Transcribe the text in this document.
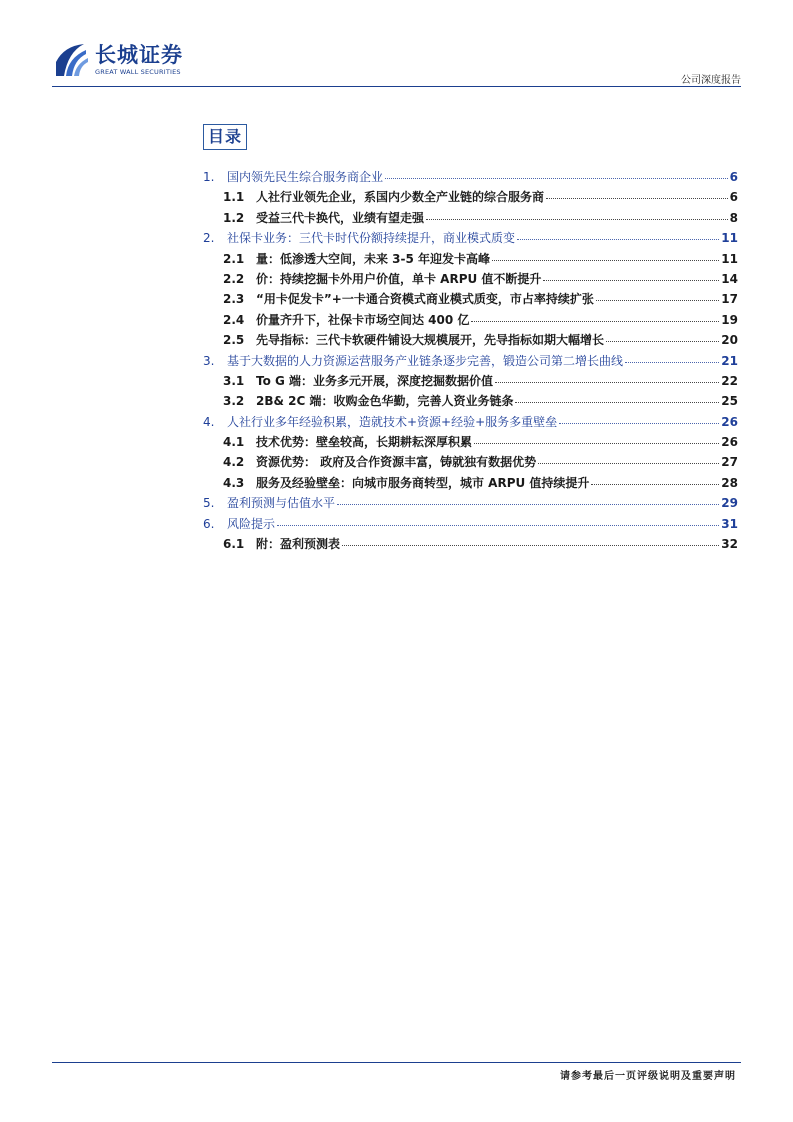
长城证券
GREAT WALL SECURITIES
公司深度报告
目录
1.	国内领先民生综合服务商企业	6
1.1 人社行业领先企业，系国内少数全产业链的综合服务商	6
1.2 受益三代卡换代，业绩有望走强	8
2.	社保卡业务：三代卡时代份额持续提升，商业模式质变	11
2.1 量：低渗透大空间，未来 3-5 年迎发卡高峰	11
2.2 价：持续挖掘卡外用户价值，单卡 ARPU 值不断提升	14
2.3 “用卡促发卡”+一卡通合资模式商业模式质变，市占率持续扩张	17
2.4 价量齐升下，社保卡市场空间达 400 亿	19
2.5 先导指标：三代卡软硬件铺设大规模展开，先导指标如期大幅增长	20
3.	基于大数据的人力资源运营服务产业链条逐步完善，锻造公司第二增长曲线	21
3.1 To G 端：业务多元开展，深度挖掘数据价值	22
3.2 2B& 2C 端：收购金色华勤，完善人资业务链条	25
4.	人社行业多年经验积累，造就技术+资源+经验+服务多重壁垒	26
4.1 技术优势：壁垒较高，长期耕耘深厚积累	26
4.2 资源优势： 政府及合作资源丰富，铸就独有数据优势	27
4.3 服务及经验壁垒：向城市服务商转型，城市 ARPU 值持续提升	28
5.	盈利预测与估值水平	29
6.	风险提示	31
6.1 附：盈利预测表	32
请参考最后一页评级说明及重要声明
